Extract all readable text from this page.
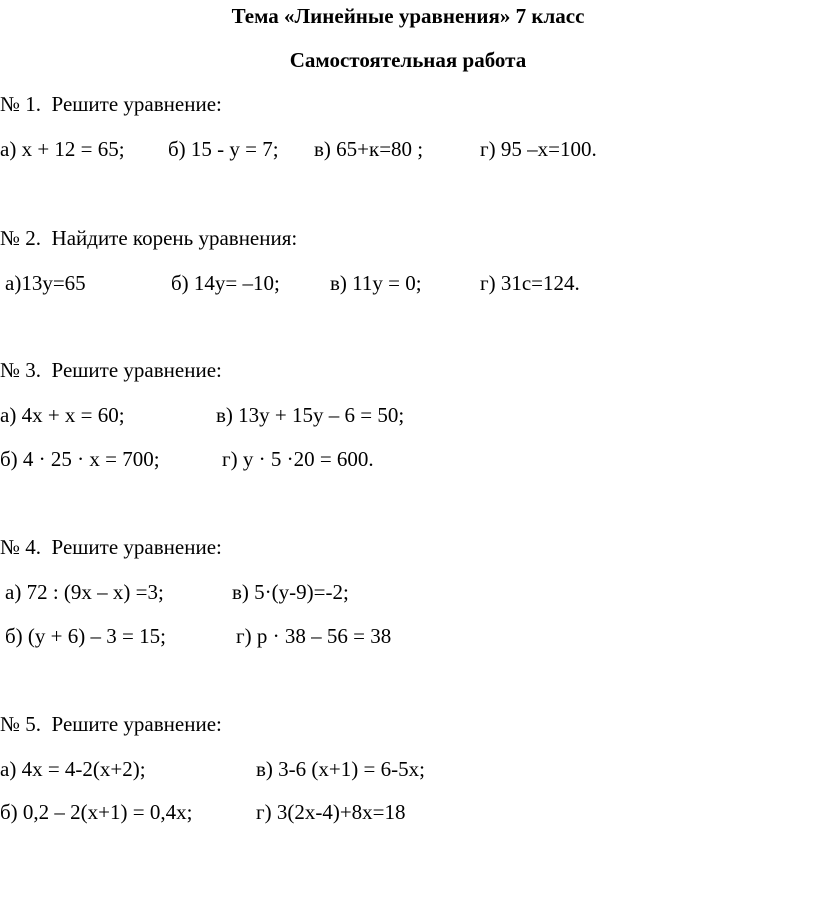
Тема «Линейные уравнения» 7 класс
Самостоятельная работа
№ 1.  Решите уравнение:

а) х + 12 = 65;

б) 15 - у = 7;

в) 65+к=80 ;

	г) 95 –х=100.

№ 2.  Найдите корень уравнения:

а)13у=65

	б) 14у= –10;

в) 11у = 0;

	г) 31с=124.

№ 3.  Решите уравнение:

а) 4х + х = 60;

	в) 13у + 15у – 6 = 50;

б) 4 · 25 · х = 700;

	г) у · 5 ·20 = 600.

№ 4.  Решите уравнение:

а) 72 : (9х – х) =3;

	в) 5·(у-9)=-2;

б) (у + 6) – 3 = 15;

	г) р · 38 – 56 = 38

№ 5.  Решите уравнение:

а) 4х = 4-2(х+2);

	в) 3-6 (х+1) = 6-5х;

б) 0,2 – 2(х+1) = 0,4х;

	г) 3(2х-4)+8х=18
